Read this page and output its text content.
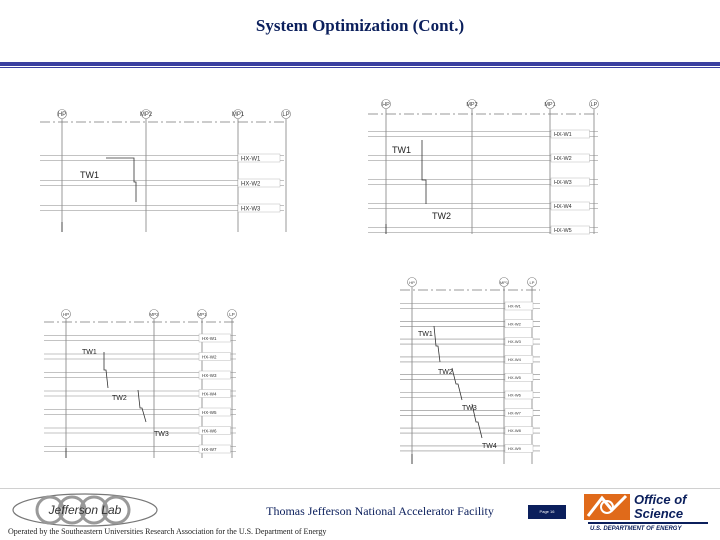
System Optimization (Cont.)
HP	MP2	MP1	LP
HX-W1
HX-W2
HX-W3
TW1
HP	MP2	MP1	LP
HX-W1
HX-W2
HX-W3
HX-W4
HX-W5
TW1
TW2
HP	MP2	MP1	LP
HX-W1
HX-W2
HX-W3
HX-W4
HX-W5
HX-W6
HX-W7
TW1
TW2
TW3
HP	MP1	LP
HX-W1
HX-W2
HX-W3
HX-W4
HX-W5
HX-W6
HX-W7
HX-W8
HX-W9
TW1
TW2
TW3
TW4
Jefferson Lab	Thomas Jefferson National Accelerator Facility
Operated by the Southeastern Universities Research Association for the U.S. Department of Energy
Page 16
Office of
Science
U.S. DEPARTMENT OF ENERGY
